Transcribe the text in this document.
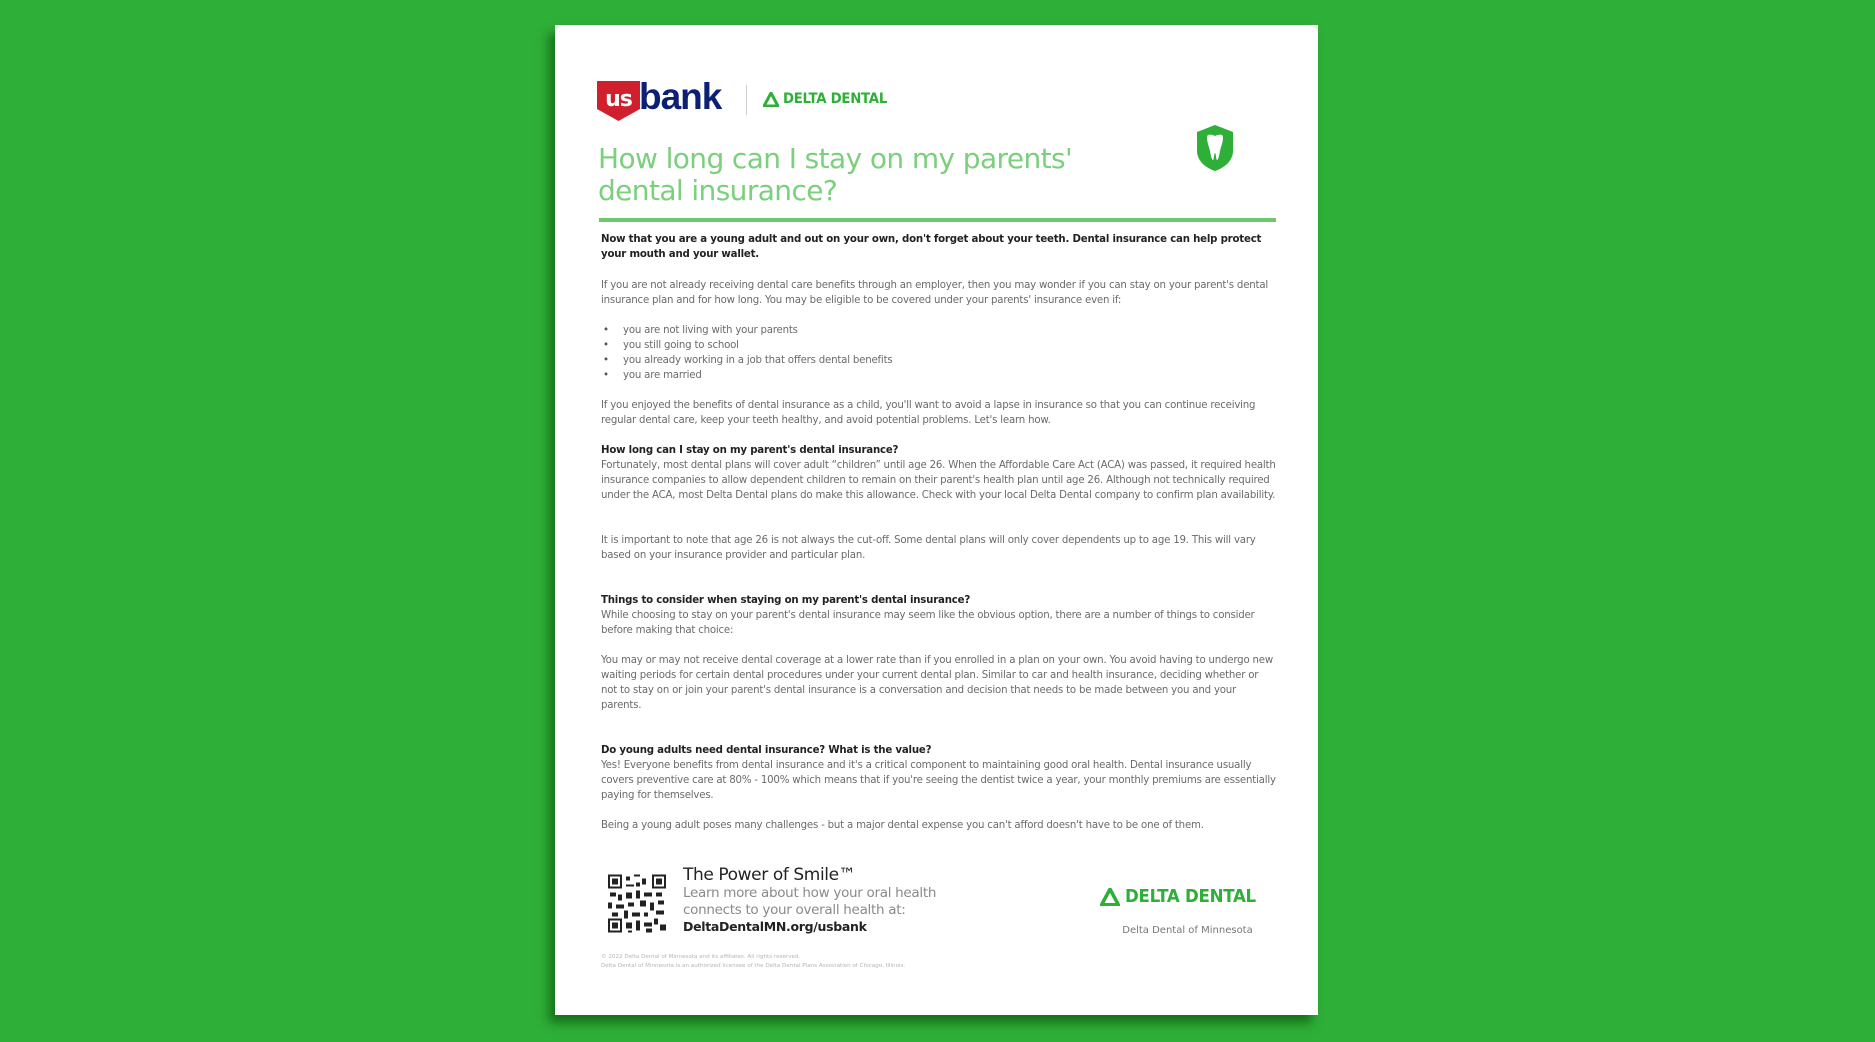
us bank	DELTA DENTAL
How long can I stay on my parents' dental insurance?
Now that you are a young adult and out on your own, don't forget about your teeth. Dental insurance can help protect your mouth and your wallet.
If you are not already receiving dental care benefits through an employer, then you may wonder if you can stay on your parent's dental insurance plan and for how long. You may be eligible to be covered under your parents' insurance even if:
• you are not living with your parents
• you still going to school
• you already working in a job that offers dental benefits
• you are married
If you enjoyed the benefits of dental insurance as a child, you'll want to avoid a lapse in insurance so that you can continue receiving regular dental care, keep your teeth healthy, and avoid potential problems. Let's learn how.
How long can I stay on my parent's dental insurance?
Fortunately, most dental plans will cover adult “children” until age 26. When the Affordable Care Act (ACA) was passed, it required health insurance companies to allow dependent children to remain on their parent's health plan until age 26. Although not technically required under the ACA, most Delta Dental plans do make this allowance. Check with your local Delta Dental company to confirm plan availability.
It is important to note that age 26 is not always the cut-off. Some dental plans will only cover dependents up to age 19. This will vary based on your insurance provider and particular plan.
Things to consider when staying on my parent's dental insurance?
While choosing to stay on your parent's dental insurance may seem like the obvious option, there are a number of things to consider before making that choice:
You may or may not receive dental coverage at a lower rate than if you enrolled in a plan on your own. You avoid having to undergo new waiting periods for certain dental procedures under your current dental plan. Similar to car and health insurance, deciding whether or not to stay on or join your parent's dental insurance is a conversation and decision that needs to be made between you and your parents.
Do young adults need dental insurance? What is the value?
Yes! Everyone benefits from dental insurance and it's a critical component to maintaining good oral health. Dental insurance usually covers preventive care at 80% - 100% which means that if you're seeing the dentist twice a year, your monthly premiums are essentially paying for themselves.
Being a young adult poses many challenges - but a major dental expense you can't afford doesn't have to be one of them.
The Power of Smile™
Learn more about how your oral health connects to your overall health at:
DeltaDentalMN.org/usbank
DELTA DENTAL
Delta Dental of Minnesota
© 2022 Delta Dental of Minnesota and its affiliates. All rights reserved.
Delta Dental of Minnesota is an authorized licensee of the Delta Dental Plans Association of Chicago, Illinois.
